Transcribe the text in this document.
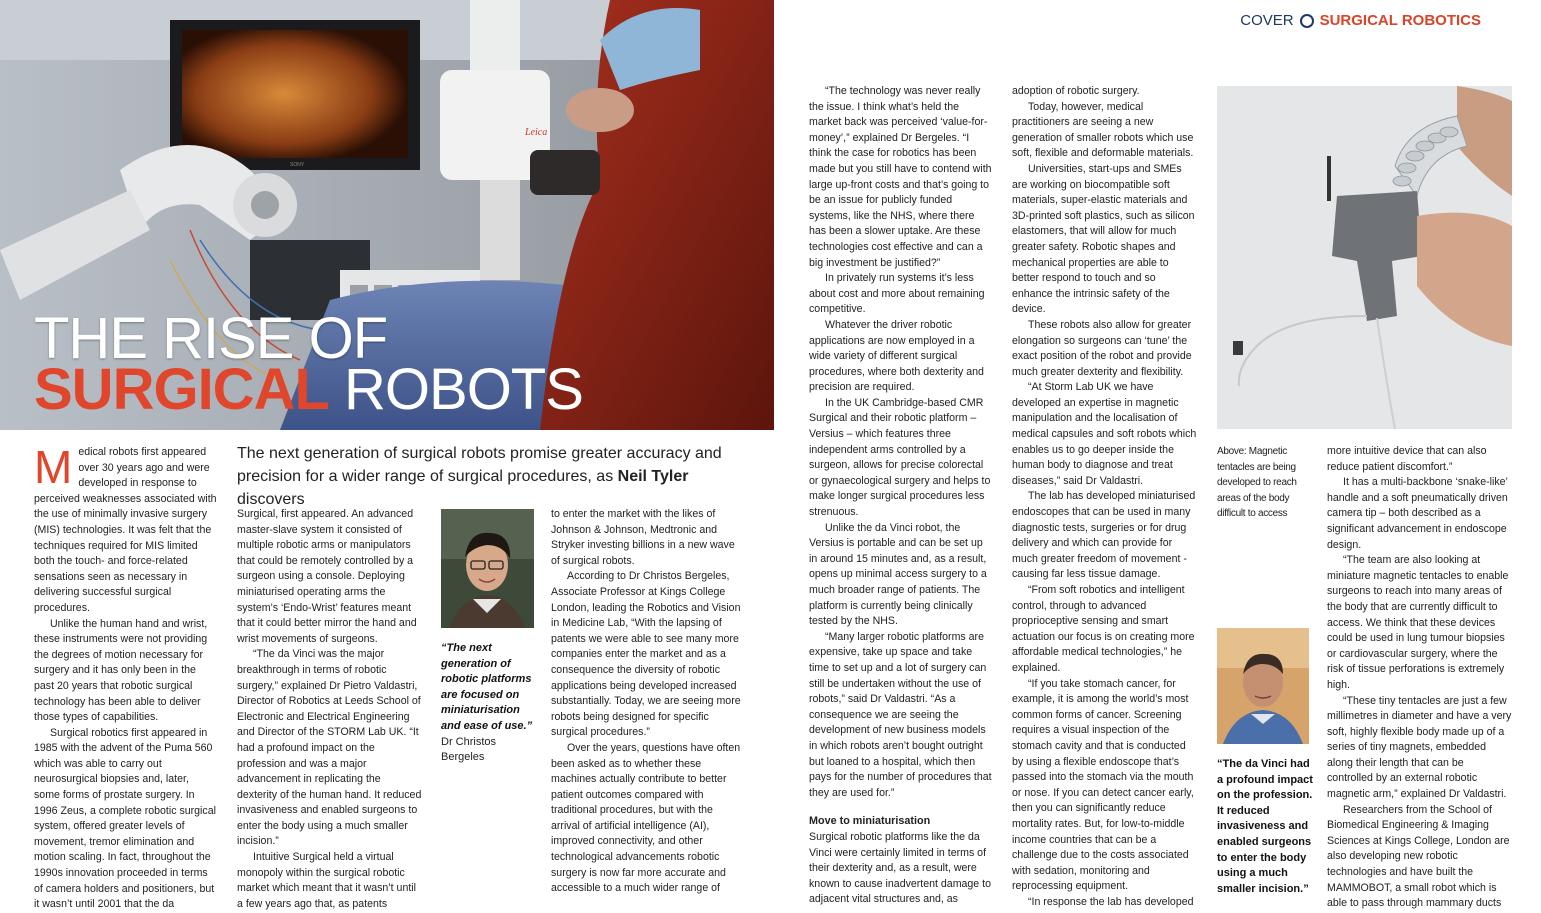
SONY
Leica
THE RISE OF
SURGICAL ROBOTS
COVER SURGICAL ROBOTICS
The next generation of surgical robots promise greater accuracy and precision for a wider range of surgical procedures, as Neil Tyler discovers

Medical robots first appeared over 30 years ago and were developed in response to perceived weaknesses associated with the use of minimally invasive surgery (MIS) technologies. It was felt that the techniques required for MIS limited both the touch- and force-related sensations seen as necessary in delivering successful surgical procedures.

Unlike the human hand and wrist, these instruments were not providing the degrees of motion necessary for surgery and it has only been in the past 20 years that robotic surgical technology has been able to deliver those types of capabilities.

Surgical robotics first appeared in 1985 with the advent of the Puma 560 which was able to carry out neurosurgical biopsies and, later, some forms of prostate surgery. In 1996 Zeus, a complete robotic surgical system, offered greater levels of movement, tremor elimination and motion scaling. In fact, throughout the 1990s innovation proceeded in terms of camera holders and positioners, but it wasn’t until 2001 that the da

Surgical, first appeared. An advanced master-slave system it consisted of multiple robotic arms or manipulators that could be remotely controlled by a surgeon using a console. Deploying miniaturised operating arms the system’s ‘Endo-Wrist’ features meant that it could better mirror the hand and wrist movements of surgeons.

“The da Vinci was the major breakthrough in terms of robotic surgery,” explained Dr Pietro Valdastri, Director of Robotics at Leeds School of Electronic and Electrical Engineering and Director of the STORM Lab UK. “It had a profound impact on the profession and was a major advancement in replicating the dexterity of the human hand. It reduced invasiveness and enabled surgeons to enter the body using a much smaller incision.”

Intuitive Surgical held a virtual monopoly within the surgical robotic market which meant that it wasn’t until a few years ago that, as patents

“The next generation of robotic platforms are focused on miniaturisation and ease of use.”
Dr Christos Bergeles

to enter the market with the likes of Johnson & Johnson, Medtronic and Stryker investing billions in a new wave of surgical robots.

According to Dr Christos Bergeles, Associate Professor at Kings College London, leading the Robotics and Vision in Medicine Lab, “With the lapsing of patents we were able to see many more companies enter the market and as a consequence the diversity of robotic applications being developed increased substantially. Today, we are seeing more robots being designed for specific surgical procedures.”

Over the years, questions have often been asked as to whether these machines actually contribute to better patient outcomes compared with traditional procedures, but with the arrival of artificial intelligence (AI), improved connectivity, and other technological advancements robotic surgery is now far more accurate and accessible to a much wider range of

“The technology was never really the issue. I think what’s held the market back was perceived ‘value-for-money’,” explained Dr Bergeles. “I think the case for robotics has been made but you still have to contend with large up-front costs and that’s going to be an issue for publicly funded systems, like the NHS, where there has been a slower uptake. Are these technologies cost effective and can a big investment be justified?”

In privately run systems it’s less about cost and more about remaining competitive.

Whatever the driver robotic applications are now employed in a wide variety of different surgical procedures, where both dexterity and precision are required.

In the UK Cambridge-based CMR Surgical and their robotic platform – Versius – which features three independent arms controlled by a surgeon, allows for precise colorectal or gynaecological surgery and helps to make longer surgical procedures less strenuous.

Unlike the da Vinci robot, the Versius is portable and can be set up in around 15 minutes and, as a result, opens up minimal access surgery to a much broader range of patients. The platform is currently being clinically tested by the NHS.

“Many larger robotic platforms are expensive, take up space and take time to set up and a lot of surgery can still be undertaken without the use of robots,” said Dr Valdastri. “As a consequence we are seeing the development of new business models in which robots aren’t bought outright but loaned to a hospital, which then pays for the number of procedures that they are used for.”

Move to miniaturisation

Surgical robotic platforms like the da Vinci were certainly limited in terms of their dexterity and, as a result, were known to cause inadvertent damage to adjacent vital structures and, as

adoption of robotic surgery.

Today, however, medical practitioners are seeing a new generation of smaller robots which use soft, flexible and deformable materials.

Universities, start-ups and SMEs are working on biocompatible soft materials, super-elastic materials and 3D-printed soft plastics, such as silicon elastomers, that will allow for much greater safety. Robotic shapes and mechanical properties are able to better respond to touch and so enhance the intrinsic safety of the device.

These robots also allow for greater elongation so surgeons can ‘tune’ the exact position of the robot and provide much greater dexterity and flexibility.

“At Storm Lab UK we have developed an expertise in magnetic manipulation and the localisation of medical capsules and soft robots which enables us to go deeper inside the human body to diagnose and treat diseases,” said Dr Valdastri.

The lab has developed miniaturised endoscopes that can be used in many diagnostic tests, surgeries or for drug delivery and which can provide for much greater freedom of movement - causing far less tissue damage.

“From soft robotics and intelligent control, through to advanced proprioceptive sensing and smart actuation our focus is on creating more affordable medical technologies,” he explained.

“If you take stomach cancer, for example, it is among the world’s most common forms of cancer. Screening requires a visual inspection of the stomach cavity and that is conducted by using a flexible endoscope that’s passed into the stomach via the mouth or nose. If you can detect cancer early, then you can significantly reduce mortality rates. But, for low-to-middle income countries that can be a challenge due to the costs associated with sedation, monitoring and reprocessing equipment.

“In response the lab has developed

Above: Magnetic tentacles are being developed to reach areas of the body difficult to access
“The da Vinci had a profound impact on the profession. It reduced invasiveness and enabled surgeons to enter the body using a much smaller incision.”

more intuitive device that can also reduce patient discomfort.”

It has a multi-backbone ‘snake-like’ handle and a soft pneumatically driven camera tip – both described as a significant advancement in endoscope design.

“The team are also looking at miniature magnetic tentacles to enable surgeons to reach into many areas of the body that are currently difficult to access. We think that these devices could be used in lung tumour biopsies or cardiovascular surgery, where the risk of tissue perforations is extremely high.

“These tiny tentacles are just a few millimetres in diameter and have a very soft, highly flexible body made up of a series of tiny magnets, embedded along their length that can be controlled by an external robotic magnetic arm,” explained Dr Valdastri.

Researchers from the School of Biomedical Engineering & Imaging Sciences at Kings College, London are also developing new robotic technologies and have built the MAMMOBOT, a small robot which is able to pass through mammary ducts
